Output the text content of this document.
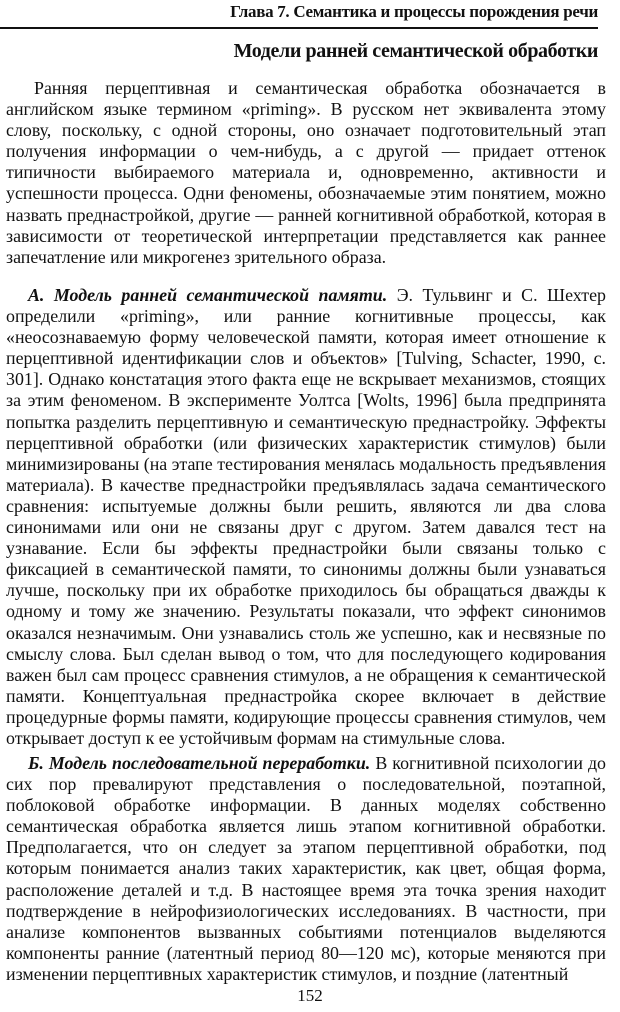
Глава 7. Семантика и процессы порождения речи
Модели ранней семантической обработки

Ранняя перцептивная и семантическая обработка обозначается в английском языке термином «priming». В русском нет эквивалента этому слову, поскольку, с одной стороны, оно означает подготовительный этап получения информации о чем-нибудь, а с другой — придает оттенок типичности выбираемого материала и, одновременно, активности и успешности процесса. Одни феномены, обозначаемые этим понятием, можно назвать преднастройкой, другие — ранней когнитивной обработкой, которая в зависимости от теоретической интерпретации представляется как раннее запечатление или микрогенез зрительного образа.

А. Модель ранней семантической памяти. Э. Тульвинг и С. Шехтер определили «priming», или ранние когнитивные процессы, как «неосознаваемую форму человеческой памяти, которая имеет отношение к перцептивной идентификации слов и объектов» [Tulving, Schacter, 1990, с. 301]. Однако констатация этого факта еще не вскрывает механизмов, стоящих за этим феноменом. В эксперименте Уолтса [Wolts, 1996] была предпринята попытка разделить перцептивную и семантическую преднастройку. Эффекты перцептивной обработки (или физических характеристик стимулов) были минимизированы (на этапе тестирования менялась модальность предъявления материала). В качестве преднастройки предъявлялась задача семантического сравнения: испытуемые должны были решить, являются ли два слова синонимами или они не связаны друг с другом. Затем давался тест на узнавание. Если бы эффекты преднастройки были связаны только с фиксацией в семантической памяти, то синонимы должны были узнаваться лучше, поскольку при их обработке приходилось бы обращаться дважды к одному и тому же значению. Результаты показали, что эффект синонимов оказался незначимым. Они узнавались столь же успешно, как и несвязные по смыслу слова. Был сделан вывод о том, что для последующего кодирования важен был сам процесс сравнения стимулов, а не обращения к семантической памяти. Концептуальная преднастройка скорее включает в действие процедурные формы памяти, кодирующие процессы сравнения стимулов, чем открывает доступ к ее устойчивым формам на стимульные слова.

Б. Модель последовательной переработки. В когнитивной психологии до сих пор превалируют представления о последовательной, поэтапной, поблоковой обработке информации. В данных моделях собственно семантическая обработка является лишь этапом когнитивной обработки. Предполагается, что он следует за этапом перцептивной обработки, под которым понимается анализ таких характеристик, как цвет, общая форма, расположение деталей и т.д. В настоящее время эта точка зрения находит подтверждение в нейрофизиологических исследованиях. В частности, при анализе компонентов вызванных событиями потенциалов выделяются компоненты ранние (латентный период 80—120 мс), которые меняются при изменении перцептивных характеристик стимулов, и поздние (латентный

152
